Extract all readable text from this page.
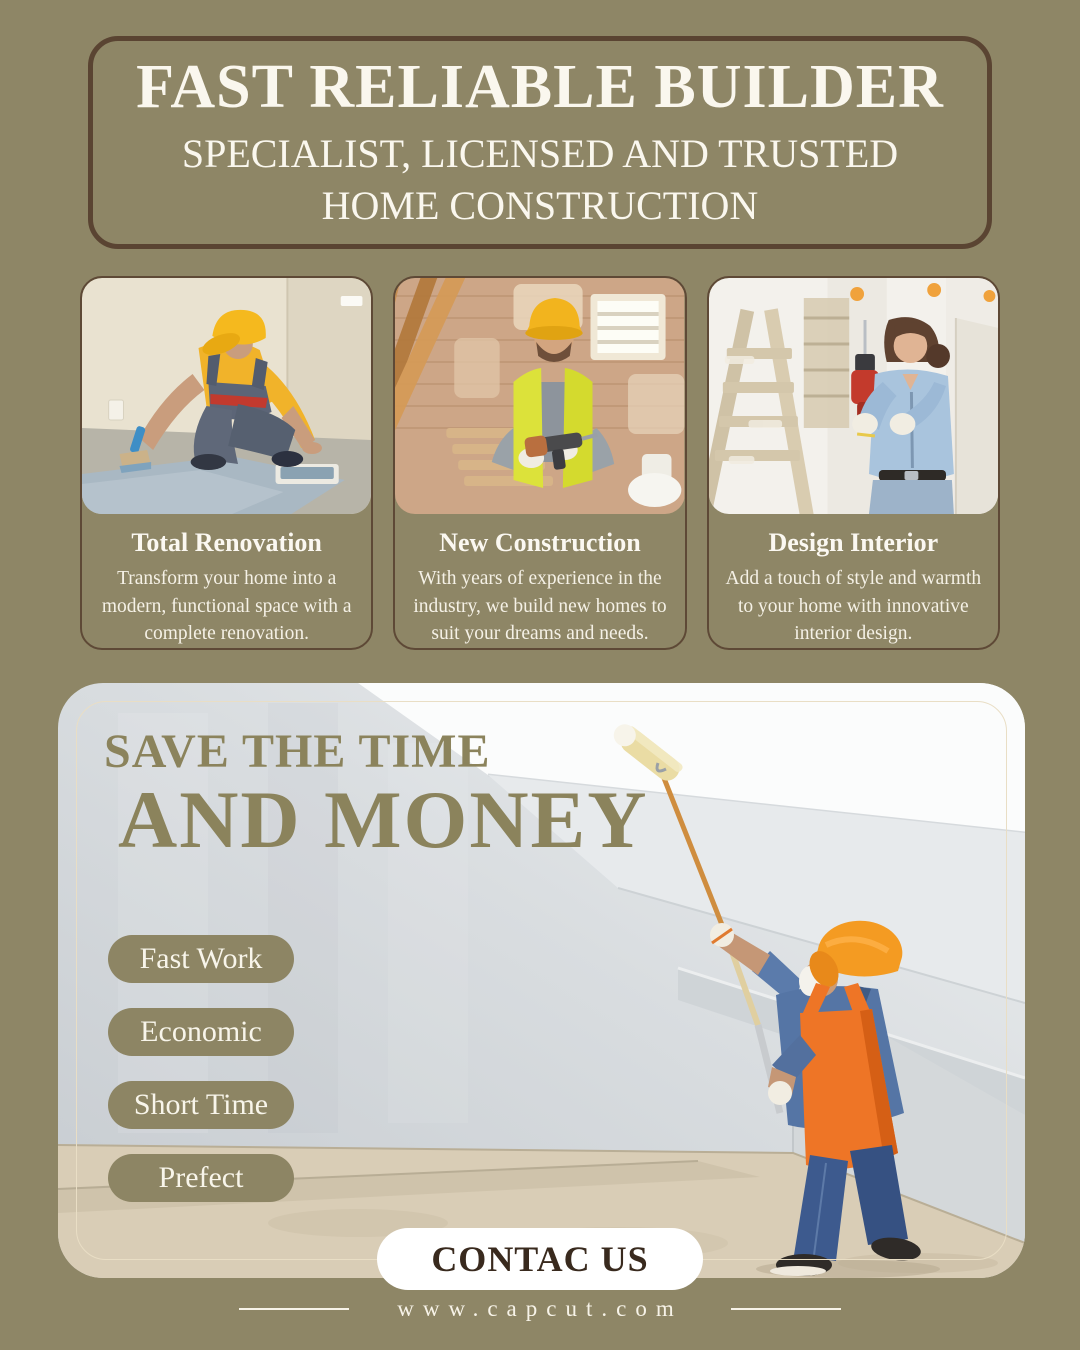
FAST RELIABLE BUILDER
SPECIALIST, LICENSED AND TRUSTED
HOME CONSTRUCTION
Total Renovation
Transform your home into a modern, functional space with a complete renovation.
New Construction
With years of experience in the industry, we build new homes to suit your dreams and needs.
Design Interior
Add a touch of style and warmth to your home with innovative interior design.
SAVE THE TIME
AND MONEY
Fast Work
Economic
Short Time
Prefect
CONTAC US
www.capcut.com
